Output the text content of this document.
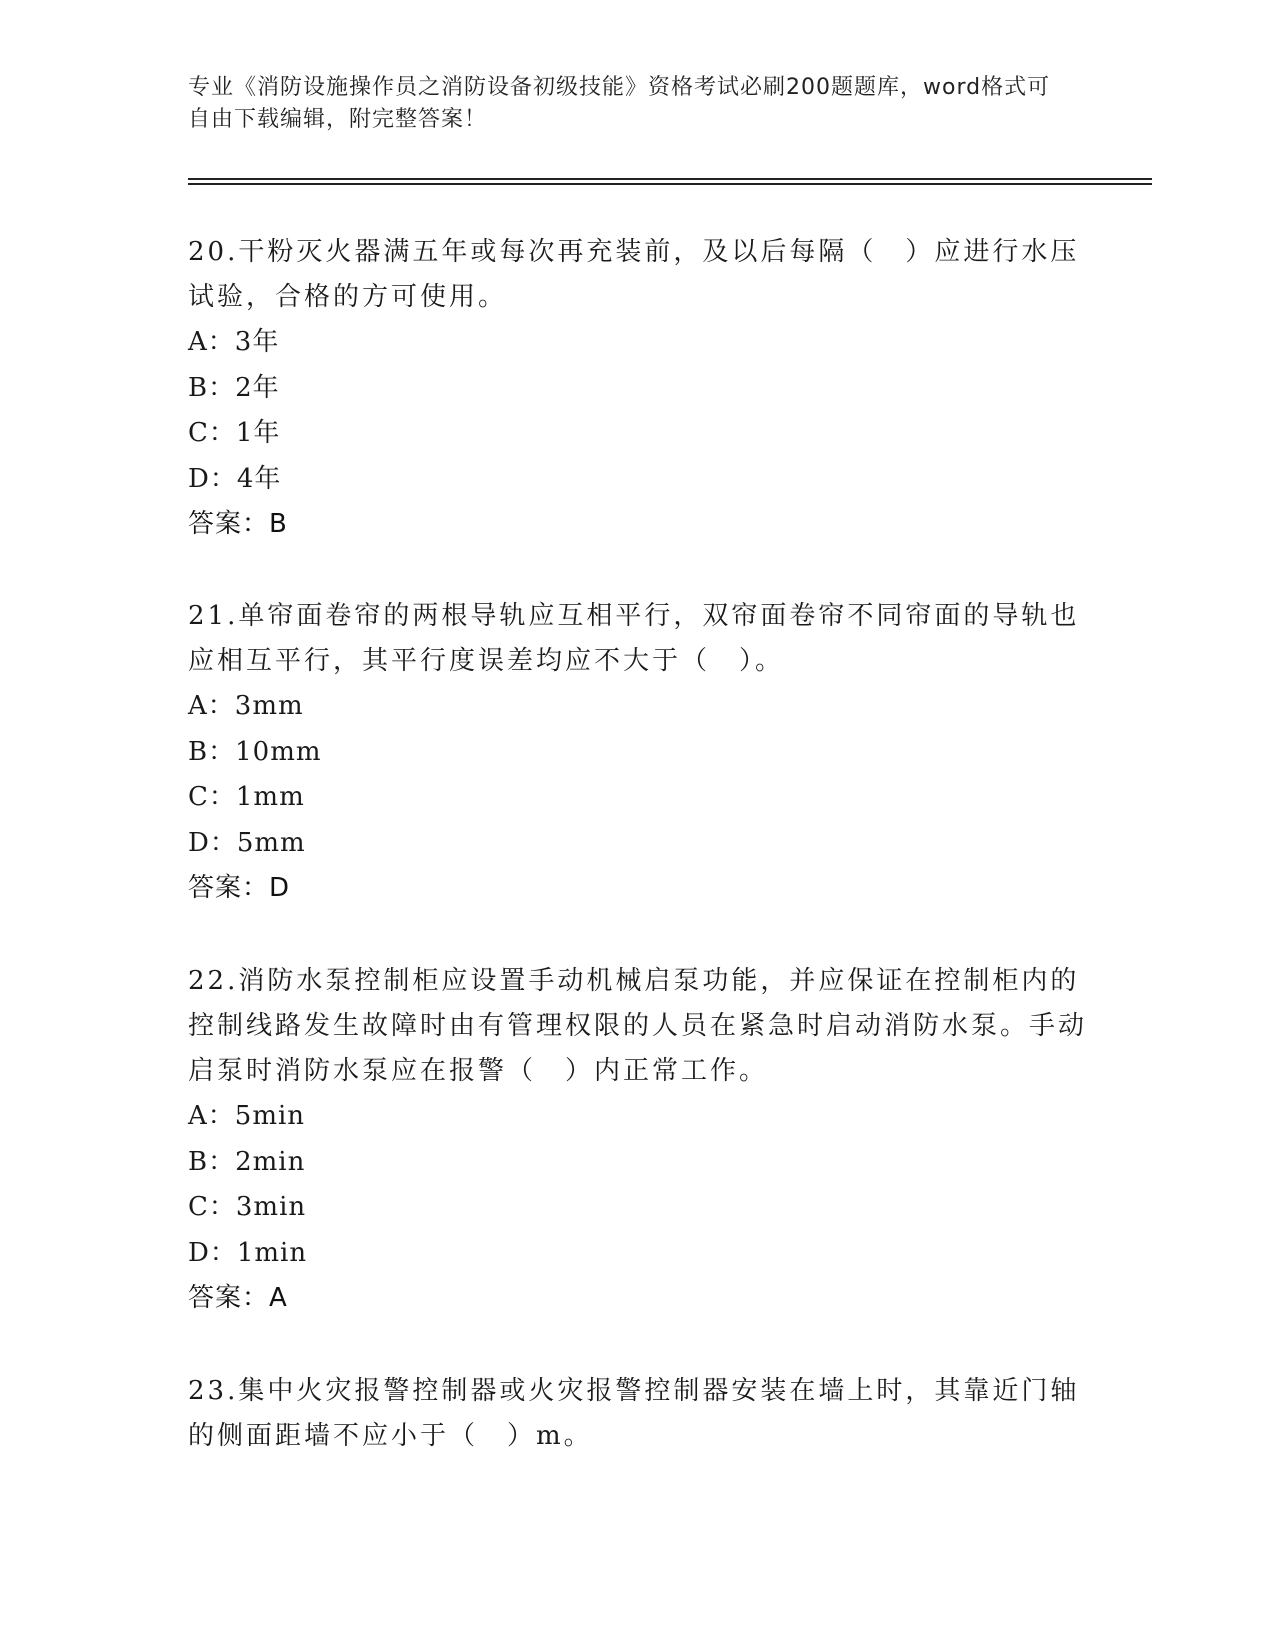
专业《消防设施操作员之消防设备初级技能》资格考试必刷200题题库，word格式可自由下载编辑，附完整答案！
20.干粉灭火器满五年或每次再充装前，及以后每隔（　）应进行水压试验，合格的方可使用。
A：3年
B：2年
C：1年
D：4年
答案：B
21.单帘面卷帘的两根导轨应互相平行，双帘面卷帘不同帘面的导轨也应相互平行，其平行度误差均应不大于（　）。
A：3mm
B：10mm
C：1mm
D：5mm
答案：D
22.消防水泵控制柜应设置手动机械启泵功能，并应保证在控制柜内的控制线路发生故障时由有管理权限的人员在紧急时启动消防水泵。手动启泵时消防水泵应在报警（　）内正常工作。
A：5min
B：2min
C：3min
D：1min
答案：A
23.集中火灾报警控制器或火灾报警控制器安装在墙上时，其靠近门轴的侧面距墙不应小于（　）m。
